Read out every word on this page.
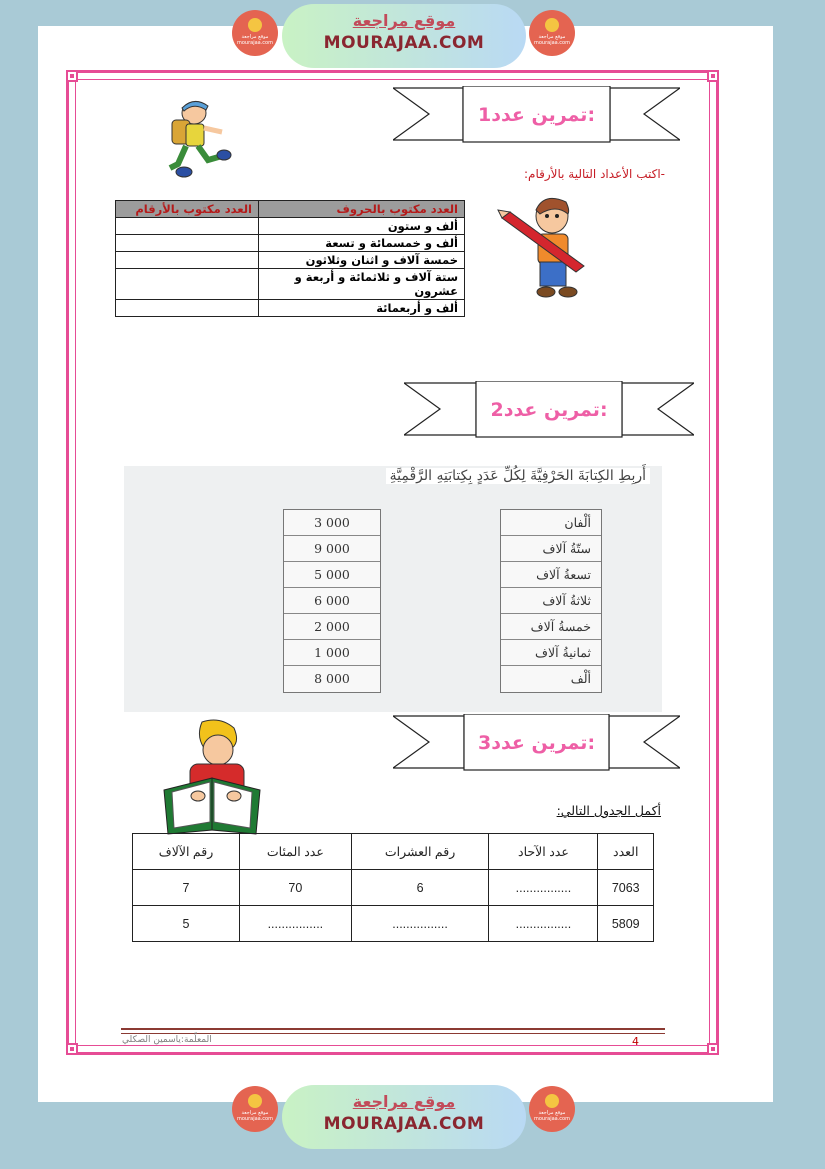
موقع مراجعة
mourajaa.com
موقع مراجعة
MOURAJAA.COM	موقع مراجعة
mourajaa.com
تمرين عدد1:
-اكتب الأعداد التالية بالأرقام:
العدد مكتوب بالحروف	العدد مكتوب بالأرقام
ألف و ستون	
ألف و خمسمائة و تسعة	
خمسة آلاف و اثنان وثلاثون	
ستة آلاف و ثلاثمائة و أربعة و عشرون	
ألف و أربعمائة	
تمرين عدد2:
أَربِطِ الكِتابَةَ الحَرْفِيَّةَ لِكُلِّ عَدَدٍ بِكِتابَتِهِ الرَّقْمِيَّةِ
3 000
9 000
5 000
6 000
2 000
1 000
8 000
ألْفان
ستّةُ آلاف
تسعةُ آلاف
ثلاثةُ آلاف
خمسةُ آلاف
ثمانيةُ آلاف
ألْف
تمرين عدد3:
أكمل الجدول التالي:
العدد	عدد الآحاد	رقم العشرات	عدد المئات	رقم الآلاف
7063	................	6	70	7
5809	................	................	................	5
المعلّمة:ياسمين الصكلي	4
موقع مراجعة
mourajaa.com
موقع مراجعة
MOURAJAA.COM
موقع مراجعة
mourajaa.com
